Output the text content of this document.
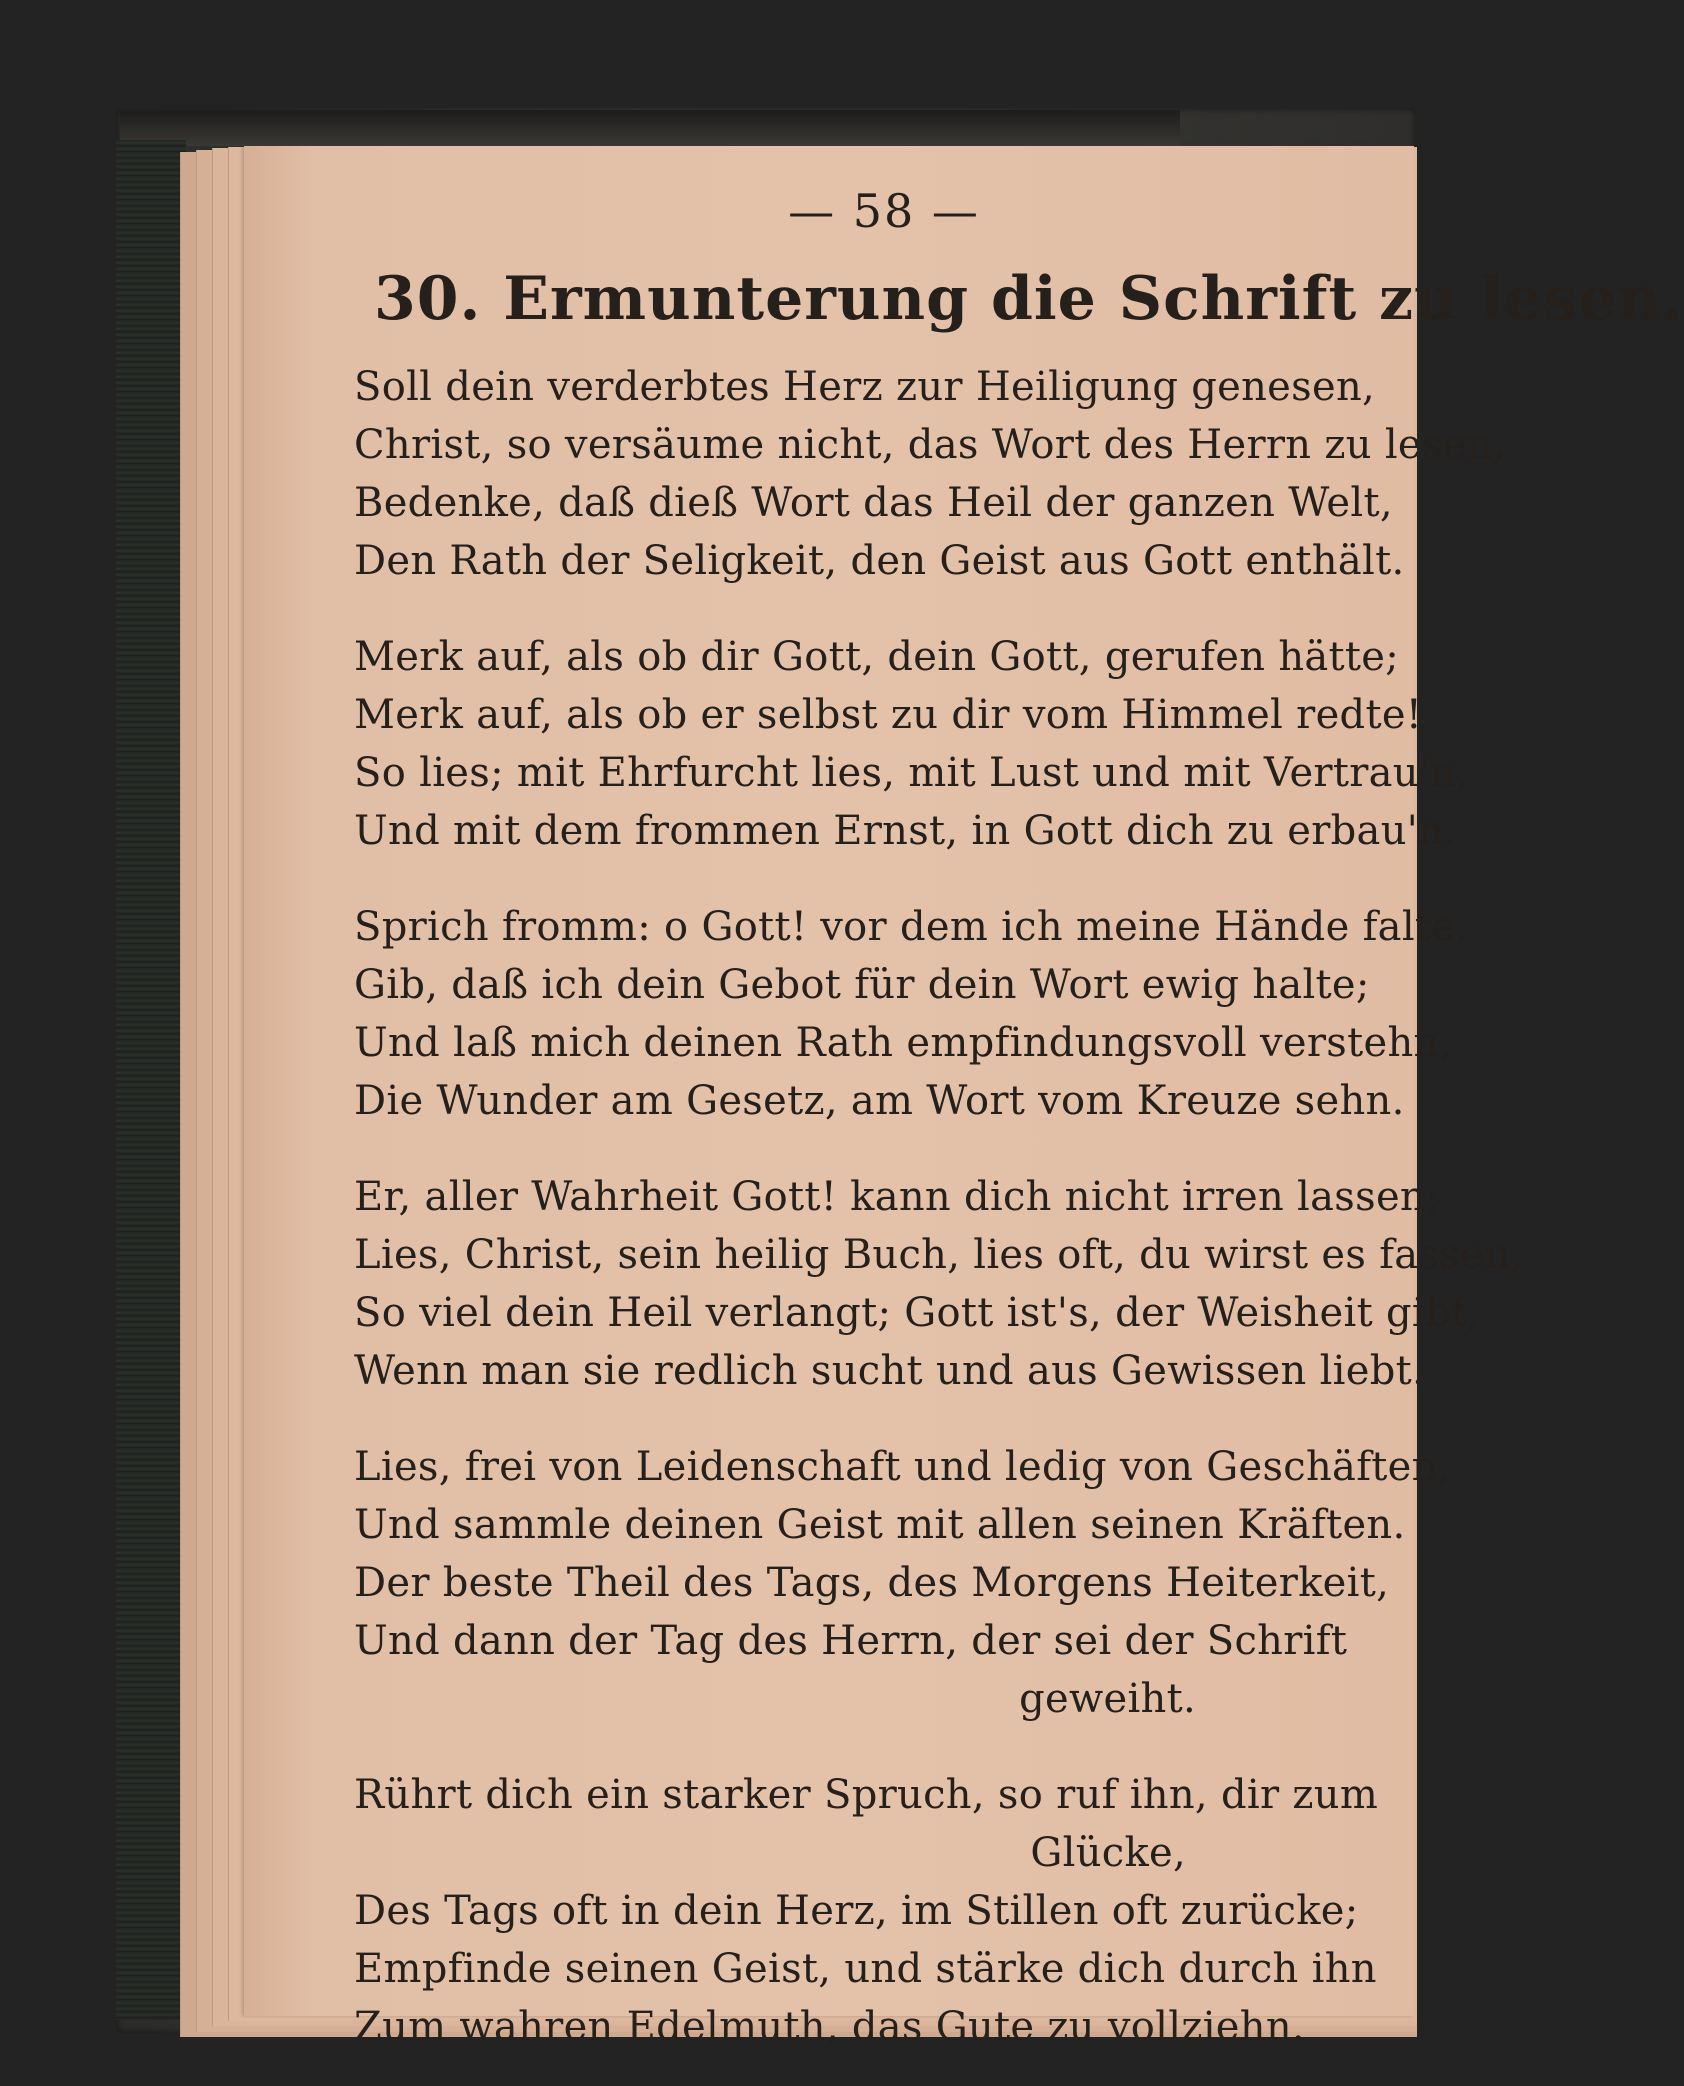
— 58 —
30. Ermunterung die Schrift zu lesen.
Soll dein verderbtes Herz zur Heiligung genesen,
Christ, so versäume nicht, das Wort des Herrn zu lesen,
Bedenke, daß dieß Wort das Heil der ganzen Welt,
Den Rath der Seligkeit, den Geist aus Gott enthält.
Merk auf, als ob dir Gott, dein Gott, gerufen hätte;
Merk auf, als ob er selbst zu dir vom Himmel redte!
So lies; mit Ehrfurcht lies, mit Lust und mit Vertrau'n,
Und mit dem frommen Ernst, in Gott dich zu erbau'n.
Sprich fromm: o Gott! vor dem ich meine Hände falte,
Gib, daß ich dein Gebot für dein Wort ewig halte;
Und laß mich deinen Rath empfindungsvoll verstehn,
Die Wunder am Gesetz, am Wort vom Kreuze sehn.
Er, aller Wahrheit Gott! kann dich nicht irren lassen;
Lies, Christ, sein heilig Buch, lies oft, du wirst es fassen,
So viel dein Heil verlangt; Gott ist's, der Weisheit gibt,
Wenn man sie redlich sucht und aus Gewissen liebt.
Lies, frei von Leidenschaft und ledig von Geschäften,
Und sammle deinen Geist mit allen seinen Kräften.
Der beste Theil des Tags, des Morgens Heiterkeit,
Und dann der Tag des Herrn, der sei der Schrift
geweiht.
Rührt dich ein starker Spruch, so ruf ihn, dir zum
Glücke,
Des Tags oft in dein Herz, im Stillen oft zurücke;
Empfinde seinen Geist, und stärke dich durch ihn
Zum wahren Edelmuth, das Gute zu vollziehn.
